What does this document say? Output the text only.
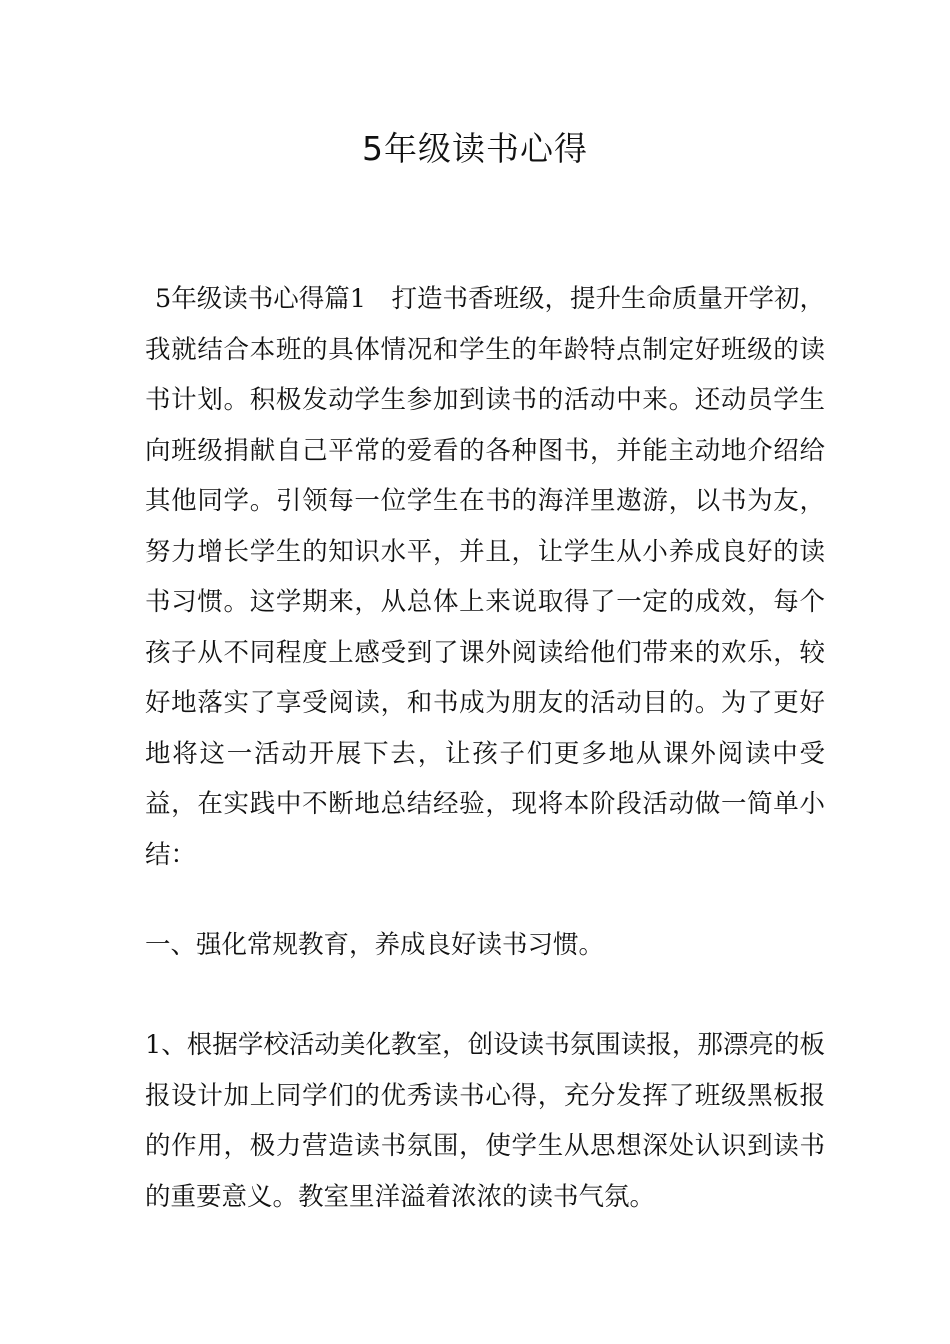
5年级读书心得
5年级读书心得篇1　打造书香班级，提升生命质量开学初，我就结合本班的具体情况和学生的年龄特点制定好班级的读书计划。积极发动学生参加到读书的活动中来。还动员学生向班级捐献自己平常的爱看的各种图书，并能主动地介绍给其他同学。引领每一位学生在书的海洋里遨游，以书为友，努力增长学生的知识水平，并且，让学生从小养成良好的读书习惯。这学期来，从总体上来说取得了一定的成效，每个孩子从不同程度上感受到了课外阅读给他们带来的欢乐，较好地落实了享受阅读，和书成为朋友的活动目的。为了更好地将这一活动开展下去，让孩子们更多地从课外阅读中受益，在实践中不断地总结经验，现将本阶段活动做一简单小结：
一、强化常规教育，养成良好读书习惯。
1、根据学校活动美化教室，创设读书氛围读报，那漂亮的板报设计加上同学们的优秀读书心得，充分发挥了班级黑板报的作用，极力营造读书氛围，使学生从思想深处认识到读书的重要意义。教室里洋溢着浓浓的读书气氛。
